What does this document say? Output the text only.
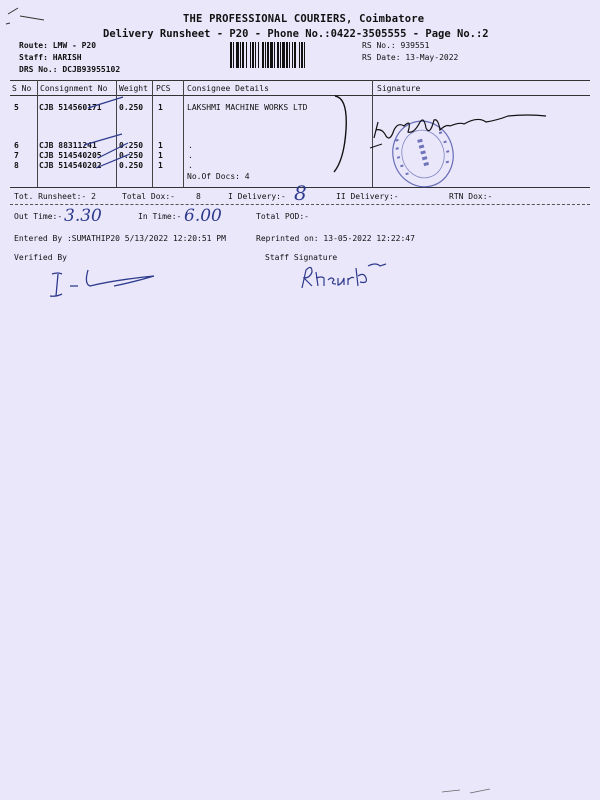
THE PROFESSIONAL COURIERS, Coimbatore
Delivery Runsheet - P20 - Phone No.:0422-3505555 - Page No.:2
Route: LMW - P20
Staff: HARISH
DRS No.: DCJB93955102
RS No.: 939551
RS Date: 13-May-2022
S No Consignment No Weight PCS Consignee Details	Signature
5	CJB 514560171 0.250 1	LAKSHMI MACHINE WORKS LTD
6	CJB 88311241	0.250 1	.
7	CJB 514540205 0.250 1	.
8	CJB 514540202 0.250 1	.
No.Of Docs: 4
Tot. Runsheet:- 2	Total Dox:-	8	I Delivery:- 8	II Delivery:-	RTN Dox:-
Out Time:- 3.30	In Time:- 6.00	Total POD:-
Entered By :SUMATHIP20 5/13/2022 12:20:51 PM	Reprinted on: 13-05-2022 12:22:47
Verified By	Staff Signature
